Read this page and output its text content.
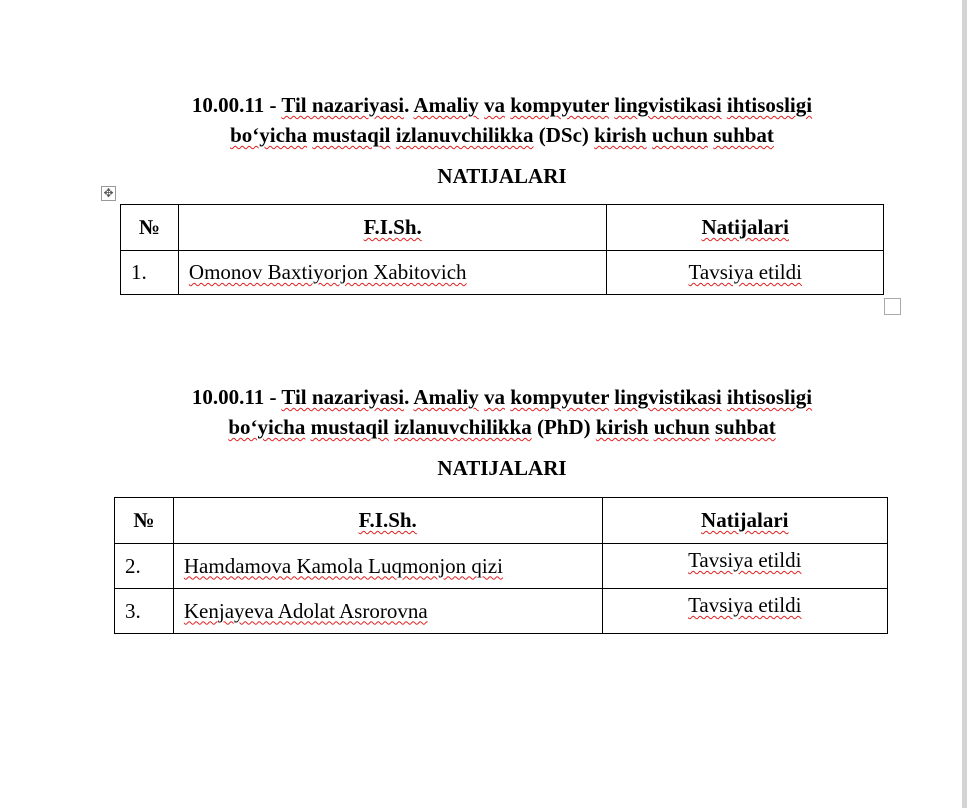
10.00.11 - Til nazariyasi. Amaliy va kompyuter lingvistikasi ihtisosligi
bo‘yicha mustaqil izlanuvchilikka (DSc) kirish uchun suhbat
NATIJALARI
✥
№	F.I.Sh.	Natijalari
1.	Omonov Baxtiyorjon Xabitovich	Tavsiya etildi
10.00.11 - Til nazariyasi. Amaliy va kompyuter lingvistikasi ihtisosligi
bo‘yicha mustaqil izlanuvchilikka (PhD) kirish uchun suhbat
NATIJALARI
№	F.I.Sh.	Natijalari
2.	Hamdamova Kamola Luqmonjon qizi	Tavsiya etildi
3.	Kenjayeva Adolat Asrorovna	Tavsiya etildi
